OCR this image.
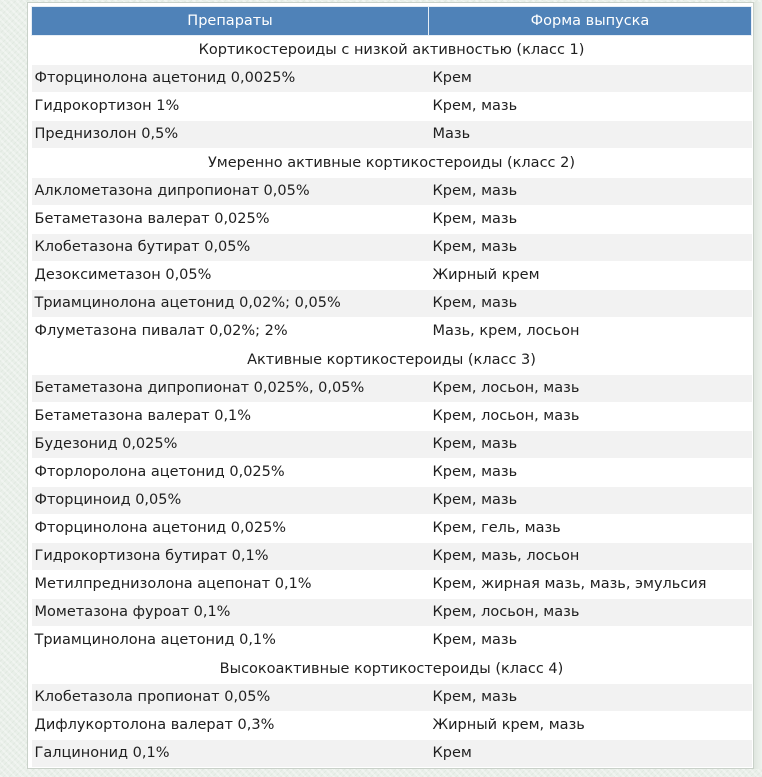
Препараты	Форма выпуска
Кортикостероиды с низкой активностью (класс 1)	
Фторцинолона ацетонид 0,0025%	Крем
Гидрокортизон 1%	Крем, мазь
Преднизолон 0,5%	Мазь
Умеренно активные кортикостероиды (класс 2)	
Алклометазона дипропионат 0,05%	Крем, мазь
Бетаметазона валерат 0,025%	Крем, мазь
Клобетазона бутират 0,05%	Крем, мазь
Дезоксиметазон 0,05%	Жирный крем
Триамцинолона ацетонид 0,02%; 0,05%	Крем, мазь
Флуметазона пивалат 0,02%; 2%	Мазь, крем, лосьон
Активные кортикостероиды (класс 3)	
Бетаметазона дипропионат 0,025%, 0,05%	Крем, лосьон, мазь
Бетаметазона валерат 0,1%	Крем, лосьон, мазь
Будезонид 0,025%	Крем, мазь
Фторлоролона ацетонид 0,025%	Крем, мазь
Фторциноид 0,05%	Крем, мазь
Фторцинолона ацетонид 0,025%	Крем, гель, мазь
Гидрокортизона бутират 0,1%	Крем, мазь, лосьон
Метилпреднизолона ацепонат 0,1%	Крем, жирная мазь, мазь, эмульсия
Мометазона фуроат 0,1%	Крем, лосьон, мазь
Триамцинолона ацетонид 0,1%	Крем, мазь
Высокоактивные кортикостероиды (класс 4)	
Клобетазола пропионат 0,05%	Крем, мазь
Дифлукортолона валерат 0,3%	Жирный крем, мазь
Галцинонид 0,1%	Крем
